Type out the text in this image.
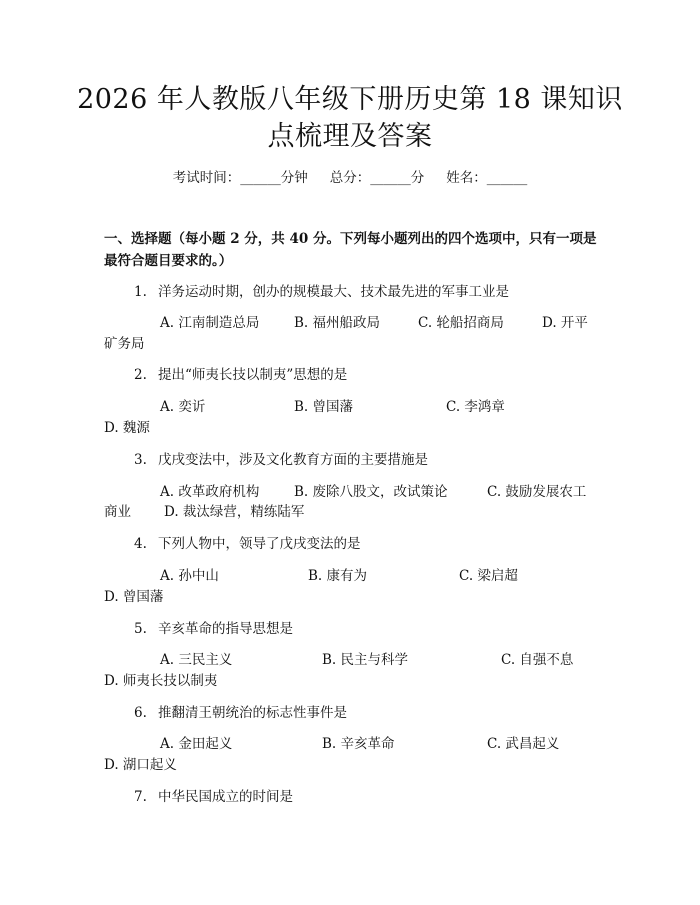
2026 年人教版八年级下册历史第 18 课知识
点梳理及答案
考试时间：______分钟 总分：______分 姓名：______
一、选择题（每小题 2 分，共 40 分。下列每小题列出的四个选项中，只有一项是
最符合题目要求的。）
1. 洋务运动时期，创办的规模最大、技术最先进的军事工业是
A. 江南制造总局	B. 福州船政局	C. 轮船招商局	D. 开平
矿务局
2. 提出“师夷长技以制夷”思想的是
A. 奕䜣	B. 曾国藩	C. 李鸿章
D. 魏源
3. 戊戌变法中，涉及文化教育方面的主要措施是
A. 改革政府机构	B. 废除八股文，改试策论	C. 鼓励发展农工
商业 D. 裁汰绿营，精练陆军
4. 下列人物中，领导了戊戌变法的是
A. 孙中山	B. 康有为	C. 梁启超
D. 曾国藩
5. 辛亥革命的指导思想是
A. 三民主义	B. 民主与科学	C. 自强不息
D. 师夷长技以制夷
6. 推翻清王朝统治的标志性事件是
A. 金田起义	B. 辛亥革命	C. 武昌起义
D. 湖口起义
7. 中华民国成立的时间是
